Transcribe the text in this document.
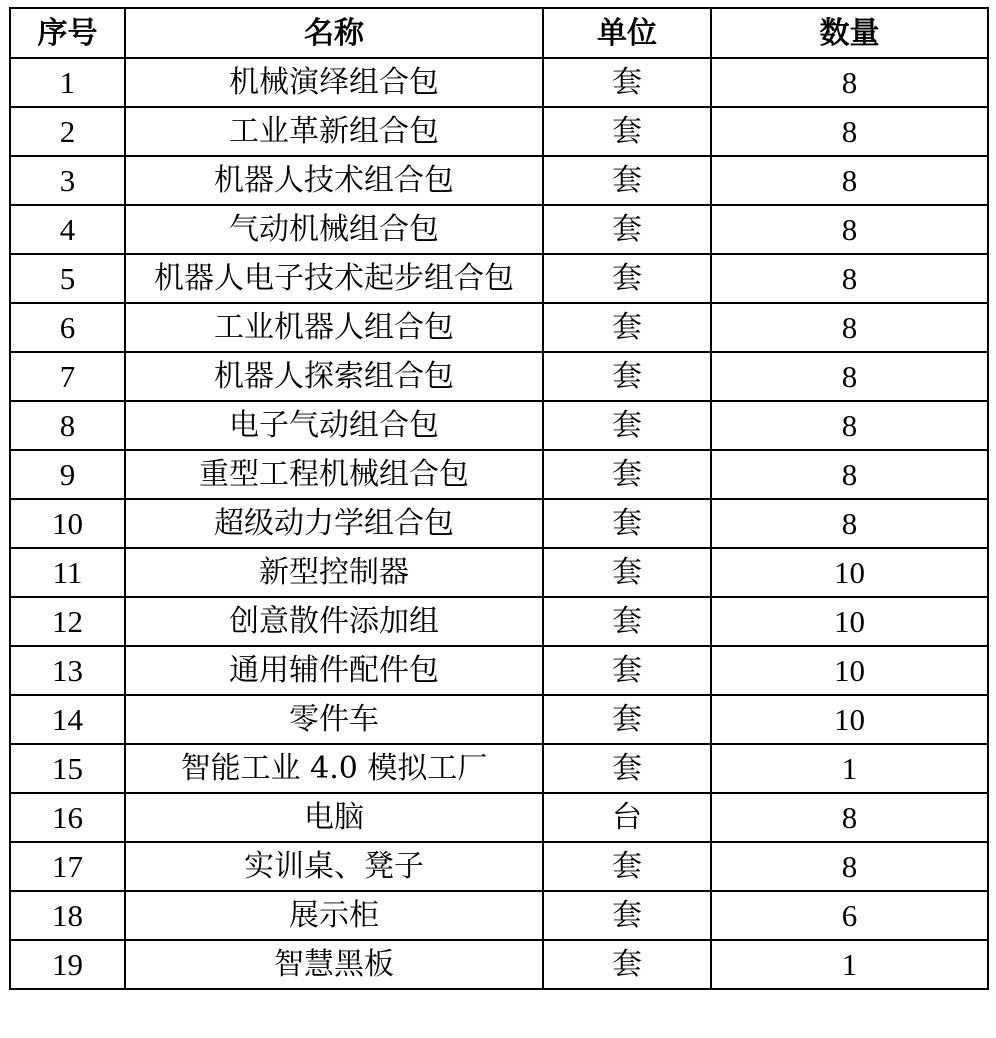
序号	名称	单位	数量
1	机械演绎组合包	套	8
2	工业革新组合包	套	8
3	机器人技术组合包	套	8
4	气动机械组合包	套	8
5	机器人电子技术起步组合包	套	8
6	工业机器人组合包	套	8
7	机器人探索组合包	套	8
8	电子气动组合包	套	8
9	重型工程机械组合包	套	8
10	超级动力学组合包	套	8
11	新型控制器	套	10
12	创意散件添加组	套	10
13	通用辅件配件包	套	10
14	零件车	套	10
15	智能工业 4.0 模拟工厂	套	1
16	电脑	台	8
17	实训桌、凳子	套	8
18	展示柜	套	6
19	智慧黑板	套	1
